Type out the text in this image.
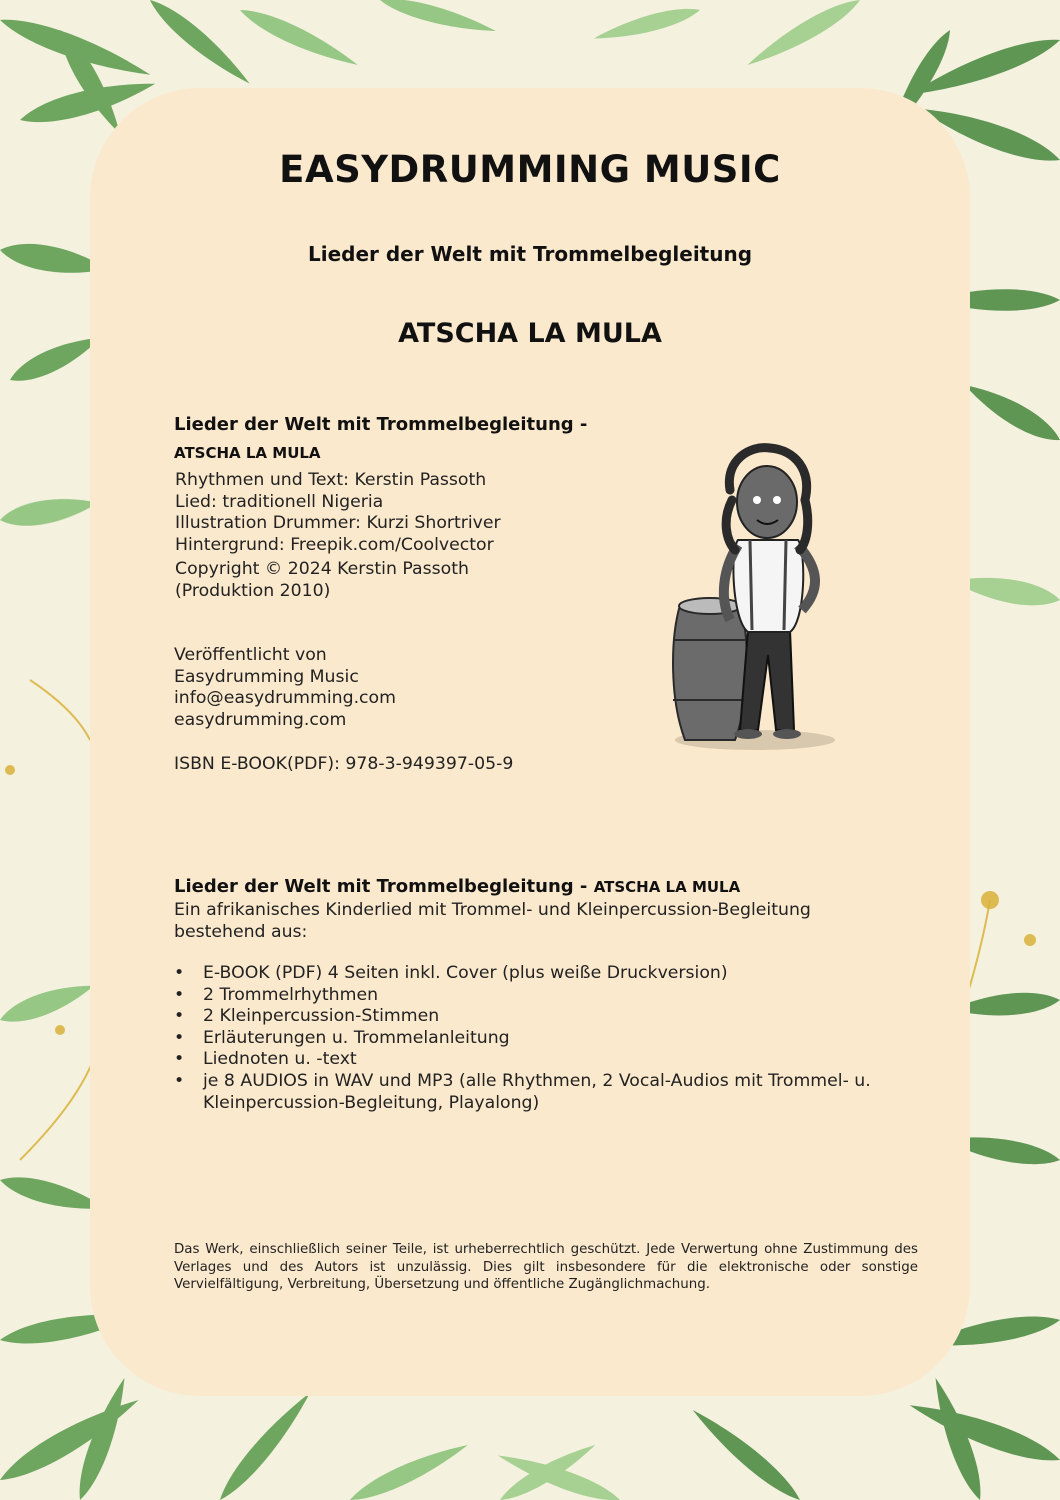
EASYDRUMMING MUSIC
Lieder der Welt mit Trommelbegleitung
ATSCHA LA MULA
Lieder der Welt mit Trommelbegleitung -
ATSCHA LA MULA
Rhythmen und Text: Kerstin Passoth
Lied: traditionell Nigeria
Illustration Drummer: Kurzi Shortriver
Hintergrund: Freepik.com/Coolvector
Copyright © 2024 Kerstin Passoth
(Produktion 2010)
Veröffentlicht von
Easydrumming Music
info@easydrumming.com
easydrumming.com
ISBN E-BOOK(PDF): 978-3-949397-05-9
Lieder der Welt mit Trommelbegleitung - ATSCHA LA MULA
Ein afrikanisches Kinderlied mit Trommel- und Kleinpercussion-Begleitung bestehend aus:
• E-BOOK (PDF) 4 Seiten inkl. Cover (plus weiße Druckversion)
• 2 Trommelrhythmen
• 2 Kleinpercussion-Stimmen
• Erläuterungen u. Trommelanleitung
• Liednoten u. -text
• je 8 AUDIOS in WAV und MP3 (alle Rhythmen, 2 Vocal-Audios mit Trommel- u. Kleinpercussion-Begleitung, Playalong)

Das Werk, einschließlich seiner Teile, ist urheberrechtlich geschützt. Jede Verwertung ohne Zustimmung des Verlages und des Autors ist unzulässig. Dies gilt insbesondere für die elektronische oder sonstige Vervielfältigung, Verbreitung, Übersetzung und öffentliche Zugänglichmachung.
